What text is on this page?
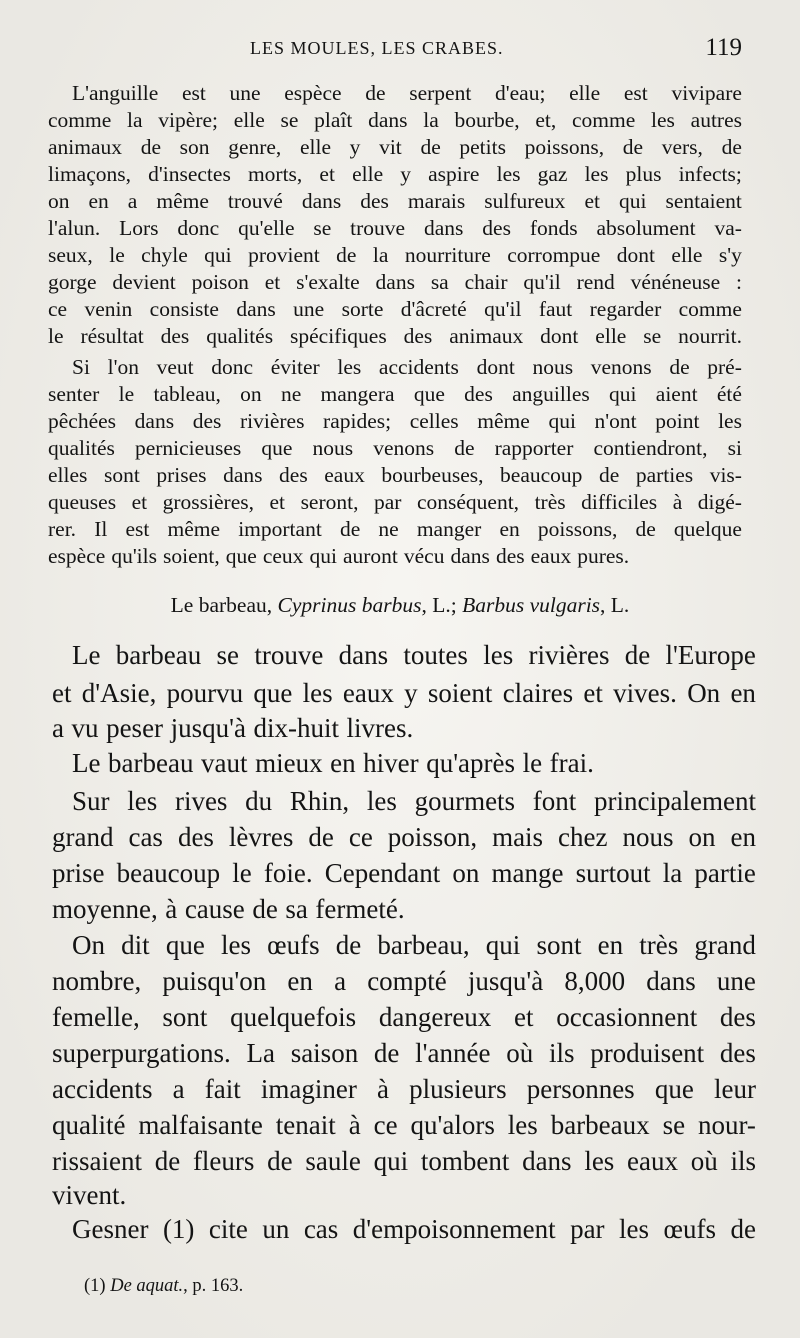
LES MOULES, LES CRABES.	119
L'anguille est une espèce de serpent d'eau; elle est vivipare
comme la vipère; elle se plaît dans la bourbe, et, comme les autres
animaux de son genre, elle y vit de petits poissons, de vers, de
limaçons, d'insectes morts, et elle y aspire les gaz les plus infects;
on en a même trouvé dans des marais sulfureux et qui sentaient
l'alun. Lors donc qu'elle se trouve dans des fonds absolument va-
seux, le chyle qui provient de la nourriture corrompue dont elle s'y
gorge devient poison et s'exalte dans sa chair qu'il rend vénéneuse :
ce venin consiste dans une sorte d'âcreté qu'il faut regarder comme
le résultat des qualités spécifiques des animaux dont elle se nourrit.
Si l'on veut donc éviter les accidents dont nous venons de pré-
senter le tableau, on ne mangera que des anguilles qui aient été
pêchées dans des rivières rapides; celles même qui n'ont point les
qualités pernicieuses que nous venons de rapporter contiendront, si
elles sont prises dans des eaux bourbeuses, beaucoup de parties vis-
queuses et grossières, et seront, par conséquent, très difficiles à digé-
rer. Il est même important de ne manger en poissons, de quelque
espèce qu'ils soient, que ceux qui auront vécu dans des eaux pures.
Le barbeau, Cyprinus barbus, L.; Barbus vulgaris, L.
Le barbeau se trouve dans toutes les rivières de l'Europe
et d'Asie, pourvu que les eaux y soient claires et vives. On en
a vu peser jusqu'à dix-huit livres.
Le barbeau vaut mieux en hiver qu'après le frai.
Sur les rives du Rhin, les gourmets font principalement
grand cas des lèvres de ce poisson, mais chez nous on en
prise beaucoup le foie. Cependant on mange surtout la partie
moyenne, à cause de sa fermeté.
On dit que les œufs de barbeau, qui sont en très grand
nombre, puisqu'on en a compté jusqu'à 8,000 dans une
femelle, sont quelquefois dangereux et occasionnent des
superpurgations. La saison de l'année où ils produisent des
accidents a fait imaginer à plusieurs personnes que leur
qualité malfaisante tenait à ce qu'alors les barbeaux se nour-
rissaient de fleurs de saule qui tombent dans les eaux où ils
vivent.
Gesner (1) cite un cas d'empoisonnement par les œufs de
(1) De aquat., p. 163.
